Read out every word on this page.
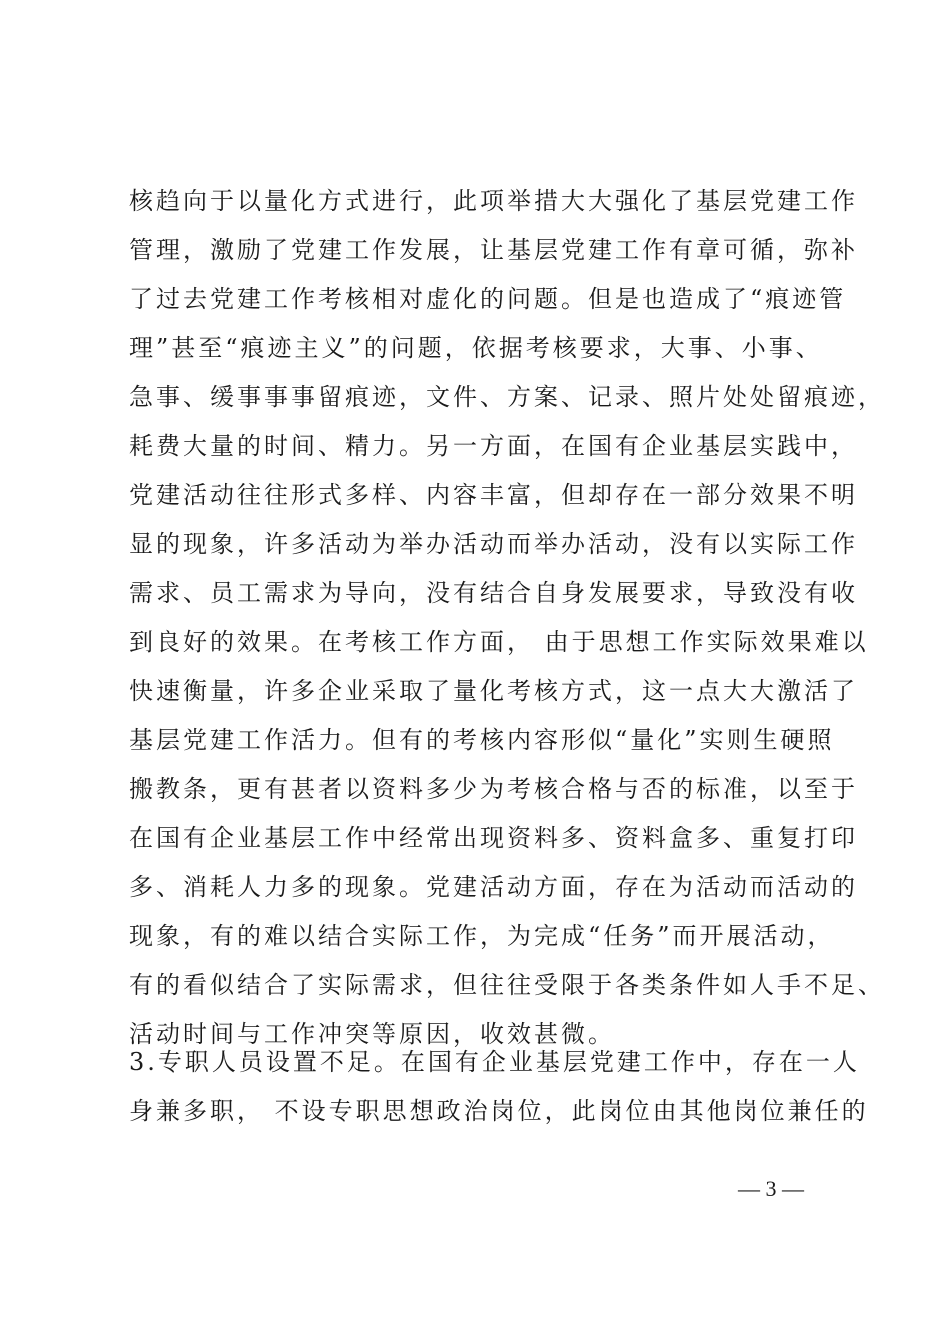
核趋向于以量化方式进行，此项举措大大强化了基层党建工作
管理，激励了党建工作发展，让基层党建工作有章可循，弥补
了过去党建工作考核相对虚化的问题。但是也造成了“痕迹管
理”甚至“痕迹主义”的问题，依据考核要求，大事、小事、
急事、缓事事事留痕迹，文件、方案、记录、照片处处留痕迹，
耗费大量的时间、精力。另一方面，在国有企业基层实践中，
党建活动往往形式多样、内容丰富，但却存在一部分效果不明
显的现象，许多活动为举办活动而举办活动，没有以实际工作
需求、员工需求为导向，没有结合自身发展要求，导致没有收
到良好的效果。在考核工作方面， 由于思想工作实际效果难以
快速衡量，许多企业采取了量化考核方式，这一点大大激活了
基层党建工作活力。但有的考核内容形似“量化”实则生硬照
搬教条，更有甚者以资料多少为考核合格与否的标准，以至于
在国有企业基层工作中经常出现资料多、资料盒多、重复打印
多、消耗人力多的现象。党建活动方面，存在为活动而活动的
现象，有的难以结合实际工作，为完成“任务”而开展活动，
有的看似结合了实际需求，但往往受限于各类条件如人手不足、
活动时间与工作冲突等原因，收效甚微。
3.专职人员设置不足。在国有企业基层党建工作中，存在一人
身兼多职， 不设专职思想政治岗位，此岗位由其他岗位兼任的
— 3 —
